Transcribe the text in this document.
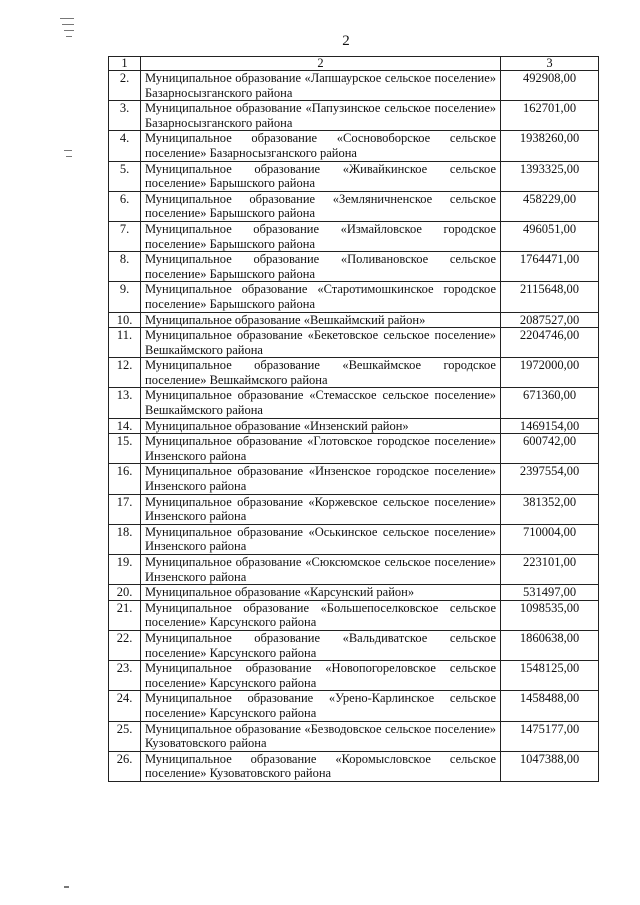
2
1	2	3
2.	Муниципальное образование «Лапшаурское сельское поселение» Базарносызганского района	492908,00
3.	Муниципальное образование «Папузинское сельское поселение» Базарносызганского района	162701,00
4.	Муниципальное образование «Сосновоборское сельское поселение» Базарносызганского района	1938260,00
5.	Муниципальное образование «Живайкинское сельское поселение» Барышского района	1393325,00
6.	Муниципальное образование «Земляничненское сельское поселение» Барышского района	458229,00
7.	Муниципальное образование «Измайловское городское поселение» Барышского района	496051,00
8.	Муниципальное образование «Поливановское сельское поселение» Барышского района	1764471,00
9.	Муниципальное образование «Старотимошкинское городское поселение» Барышского района	2115648,00
10.	Муниципальное образование «Вешкаймский район»	2087527,00
11.	Муниципальное образование «Бекетовское сельское поселение» Вешкаймского района	2204746,00
12.	Муниципальное образование «Вешкаймское городское поселение» Вешкаймского района	1972000,00
13.	Муниципальное образование «Стемасское сельское поселение» Вешкаймского района	671360,00
14.	Муниципальное образование «Инзенский район»	1469154,00
15.	Муниципальное образование «Глотовское городское поселение» Инзенского района	600742,00
16.	Муниципальное образование «Инзенское городское поселение» Инзенского района	2397554,00
17.	Муниципальное образование «Коржевское сельское поселение» Инзенского района	381352,00
18.	Муниципальное образование «Оськинское сельское поселение» Инзенского района	710004,00
19.	Муниципальное образование «Сюксюмское сельское поселение» Инзенского района	223101,00
20.	Муниципальное образование «Карсунский район»	531497,00
21.	Муниципальное образование «Большепоселковское сельское поселение» Карсунского района	1098535,00
22.	Муниципальное образование «Вальдиватское сельское поселение» Карсунского района	1860638,00
23.	Муниципальное образование «Новопогореловское сельское поселение» Карсунского района	1548125,00
24.	Муниципальное образование «Урено-Карлинское сельское поселение» Карсунского района	1458488,00
25.	Муниципальное образование «Безводовское сельское поселение» Кузоватовского района	1475177,00
26.	Муниципальное образование «Коромысловское сельское поселение» Кузоватовского района	1047388,00
